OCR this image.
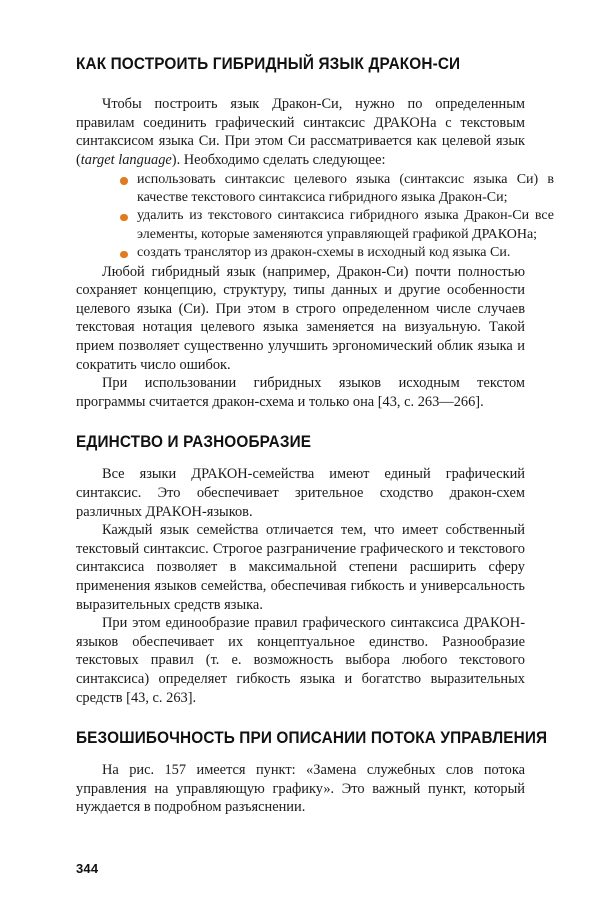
КАК ПОСТРОИТЬ ГИБРИДНЫЙ ЯЗЫК ДРАКОН-СИ

Чтобы построить язык Дракон-Си, нужно по определенным правилам соединить графический синтаксис ДРАКОНа с текстовым синтаксисом языка Си. При этом Си рассматривается как целевой язык (target language). Необходимо сделать следующее:

использовать синтаксис целевого языка (синтаксис языка Си) в качестве текстового синтаксиса гибридного языка Дракон-Си;
удалить из текстового синтаксиса гибридного языка Дракон-Си все элементы, которые заменяются управляющей графикой ДРАКОНа;
создать транслятор из дракон-схемы в исходный код языка Си.

Любой гибридный язык (например, Дракон-Си) почти полностью сохраняет концепцию, структуру, типы данных и другие особенности целевого языка (Си). При этом в строго определенном числе случаев текстовая нотация целевого языка заменяется на визуальную. Такой прием позволяет существенно улучшить эргономический облик языка и сократить число ошибок.

При использовании гибридных языков исходным текстом программы считается дракон-схема и только она [43, с. 263—266].

ЕДИНСТВО И РАЗНООБРАЗИЕ

Все языки ДРАКОН-семейства имеют единый графический синтаксис. Это обеспечивает зрительное сходство дракон-схем различных ДРАКОН-языков.

Каждый язык семейства отличается тем, что имеет собственный текстовый синтаксис. Строгое разграничение графического и текстового синтаксиса позволяет в максимальной степени расширить сферу применения языков семейства, обеспечивая гибкость и универсальность выразительных средств языка.

При этом единообразие правил графического синтаксиса ДРАКОН-языков обеспечивает их концептуальное единство. Разнообразие текстовых правил (т. е. возможность выбора любого текстового синтаксиса) определяет гибкость языка и богатство выразительных средств [43, с. 263].

БЕЗОШИБОЧНОСТЬ ПРИ ОПИСАНИИ ПОТОКА УПРАВЛЕНИЯ

На рис. 157 имеется пункт: «Замена служебных слов потока управления на управляющую графику». Это важный пункт, который нуждается в подробном разъяснении.

344
